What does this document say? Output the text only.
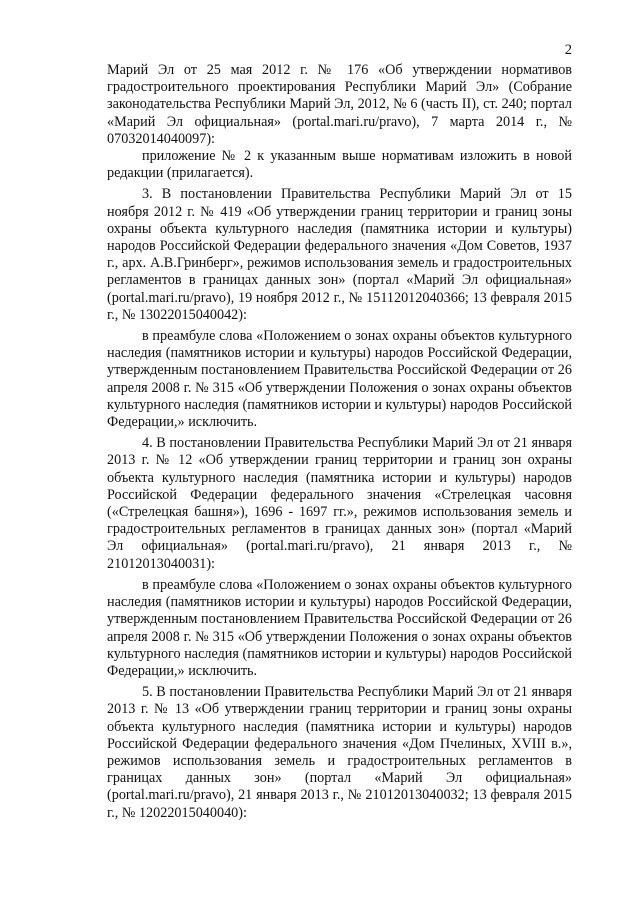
2

Марий Эл от 25 мая 2012 г. № 176 «Об утверждении нормативов градостроительного проектирования Республики Марий Эл» (Собрание законодательства Республики Марий Эл, 2012, № 6 (часть II), ст. 240; портал «Марий Эл официальная» (portal.mari.ru/pravo), 7 марта 2014 г., № 07032014040097):

приложение № 2 к указанным выше нормативам изложить в новой редакции (прилагается).

3. В постановлении Правительства Республики Марий Эл от 15 ноября 2012 г. № 419 «Об утверждении границ территории и границ зоны охраны объекта культурного наследия (памятника истории и культуры) народов Российской Федерации федерального значения «Дом Советов, 1937 г., арх. А.В.Гринберг», режимов использования земель и градостроительных регламентов в границах данных зон» (портал «Марий Эл официальная» (portal.mari.ru/pravo), 19 ноября 2012 г., № 15112012040366; 13 февраля 2015 г., № 13022015040042):

в преамбуле слова «Положением о зонах охраны объектов культурного наследия (памятников истории и культуры) народов Российской Федерации, утвержденным постановлением Правительства Российской Федерации от 26 апреля 2008 г. № 315 «Об утверждении Положения о зонах охраны объектов культурного наследия (памятников истории и культуры) народов Российской Федерации,» исключить.

4. В постановлении Правительства Республики Марий Эл от 21 января 2013 г. № 12 «Об утверждении границ территории и границ зон охраны объекта культурного наследия (памятника истории и культуры) народов Российской Федерации федерального значения «Стрелецкая часовня («Стрелецкая башня»), 1696 - 1697 гг.», режимов использования земель и градостроительных регламентов в границах данных зон» (портал «Марий Эл официальная» (portal.mari.ru/pravo), 21 января 2013 г., № 21012013040031):

в преамбуле слова «Положением о зонах охраны объектов культурного наследия (памятников истории и культуры) народов Российской Федерации, утвержденным постановлением Правительства Российской Федерации от 26 апреля 2008 г. № 315 «Об утверждении Положения о зонах охраны объектов культурного наследия (памятников истории и культуры) народов Российской Федерации,» исключить.

5. В постановлении Правительства Республики Марий Эл от 21 января 2013 г. № 13 «Об утверждении границ территории и границ зоны охраны объекта культурного наследия (памятника истории и культуры) народов Российской Федерации федерального значения «Дом Пчелиных, XVIII в.», режимов использования земель и градостроительных регламентов в границах данных зон» (портал «Марий Эл официальная» (portal.mari.ru/pravo), 21 января 2013 г., № 21012013040032; 13 февраля 2015 г., № 12022015040040):
